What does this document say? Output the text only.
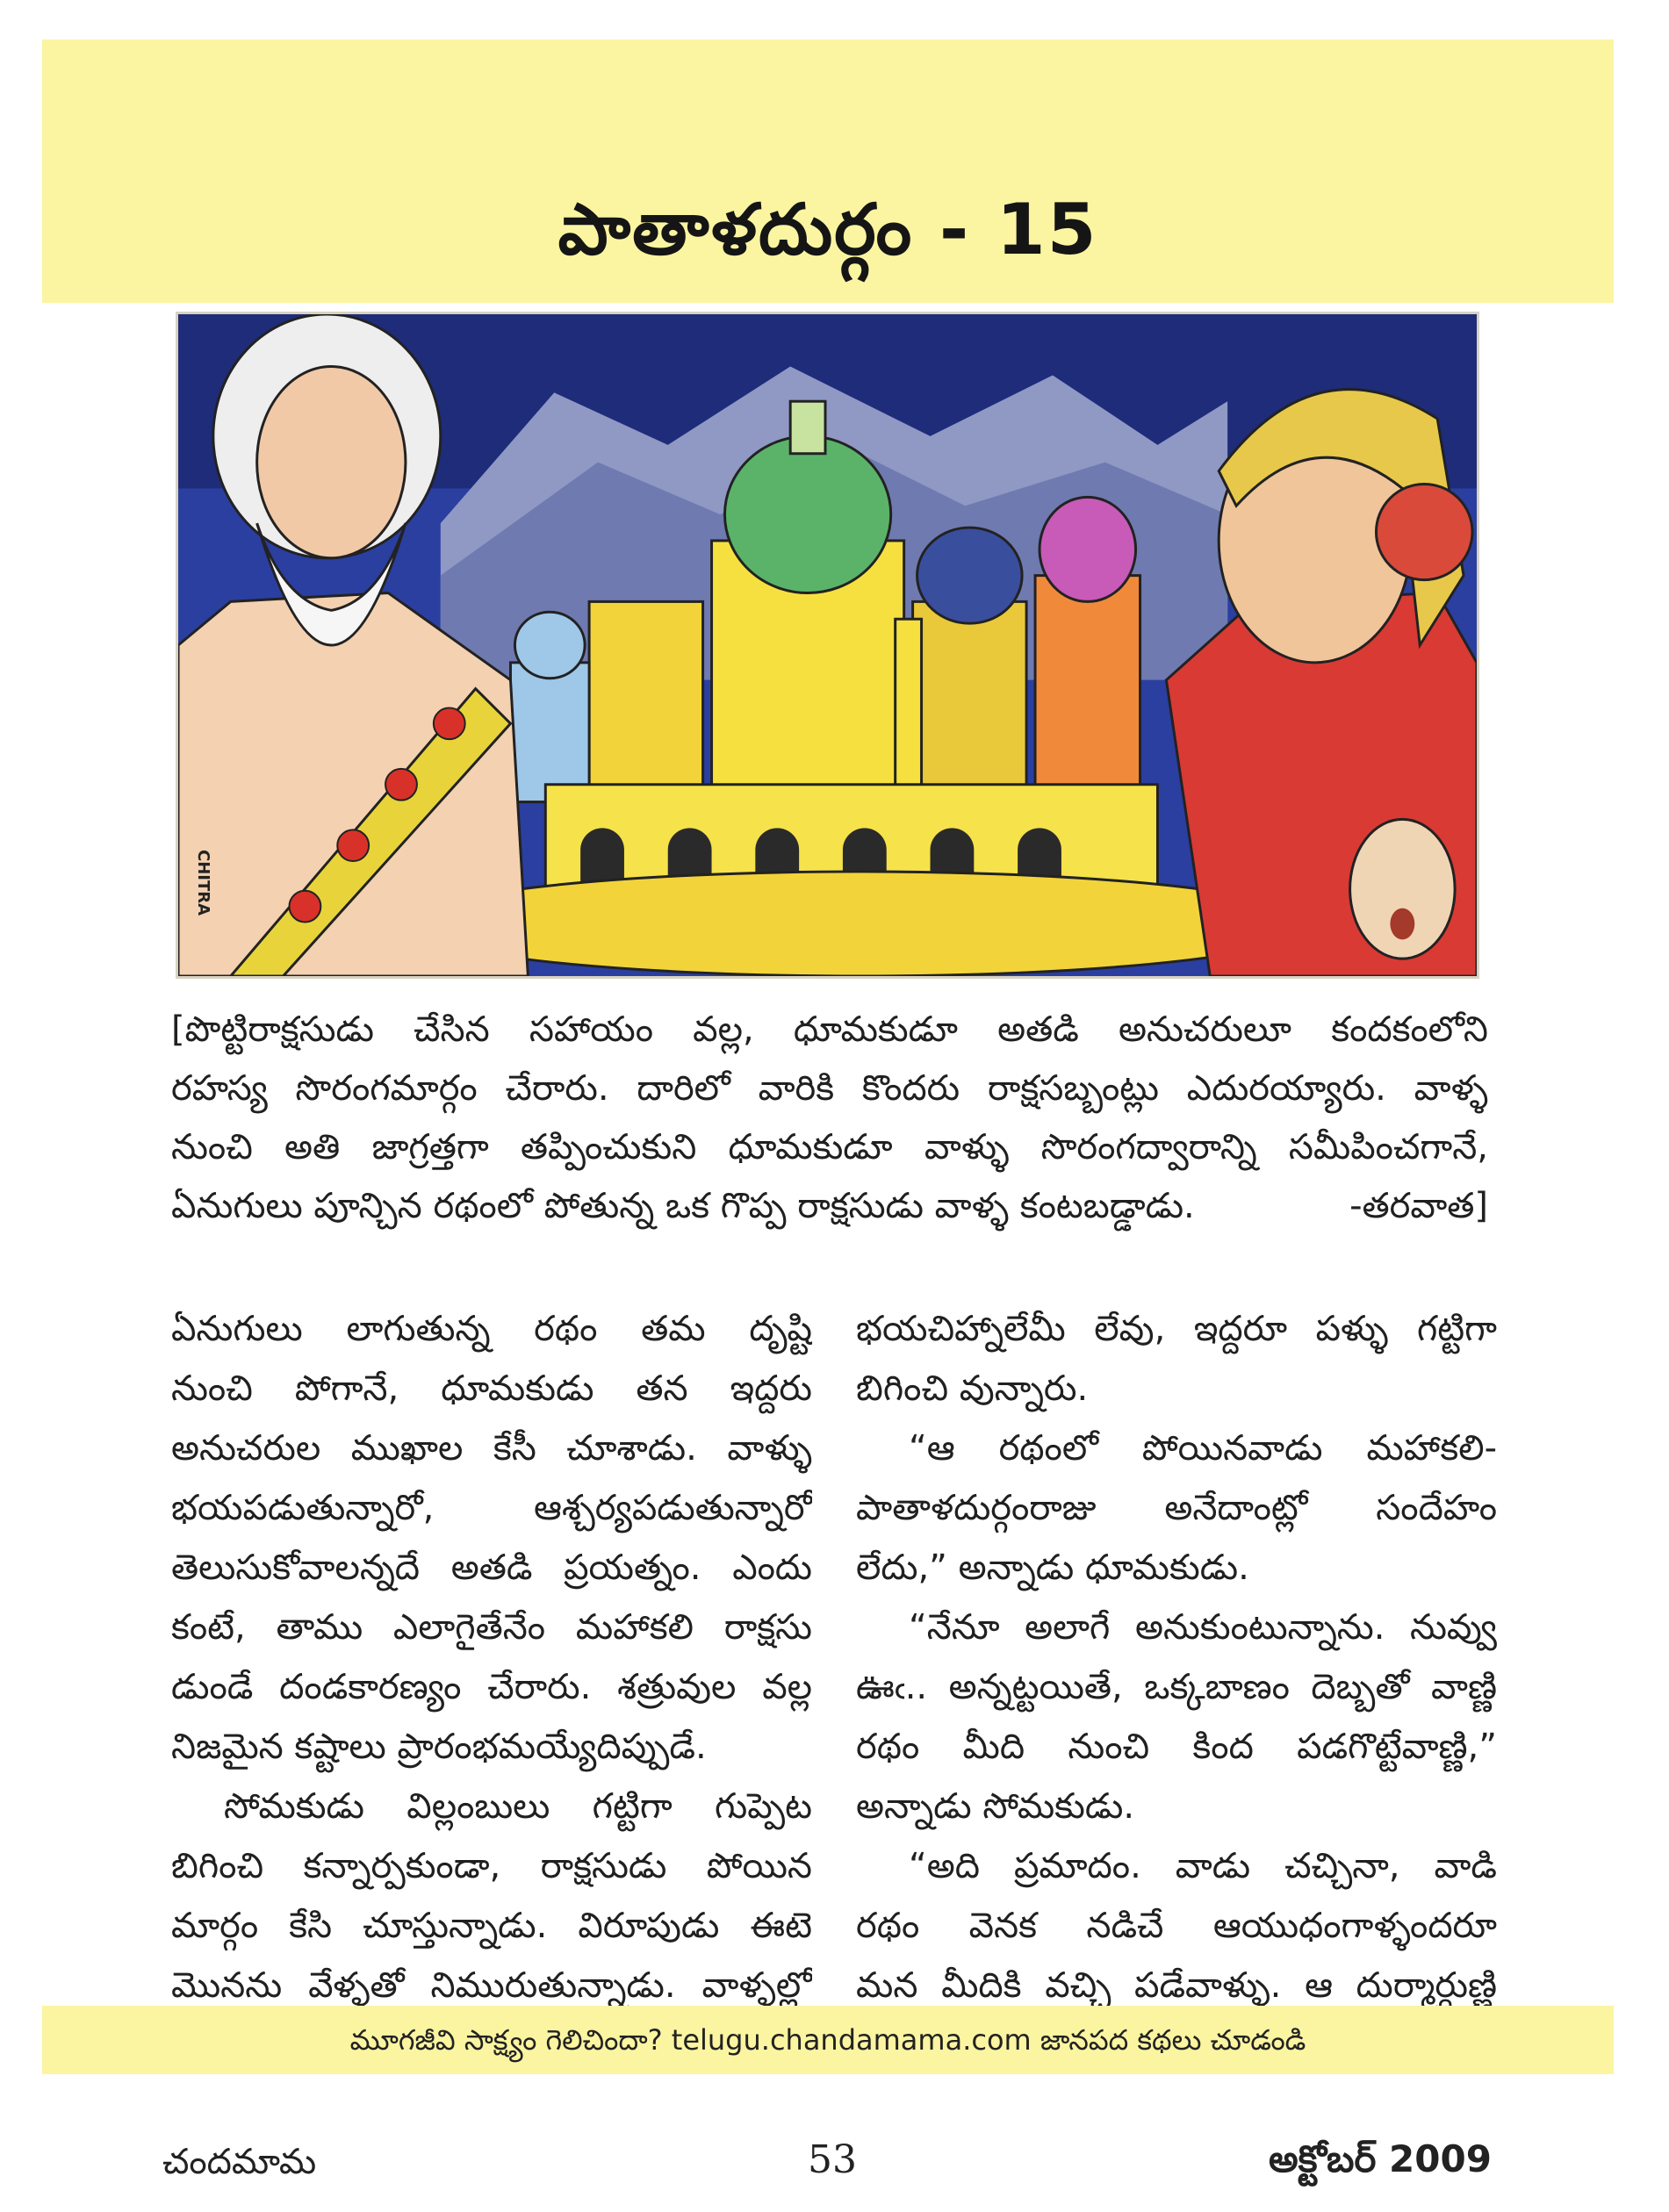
పాతాళదుర్గం - 15
CHITRA

[పొట్టిరాక్షసుడు చేసిన సహాయం వల్ల, ధూమకుడూ అతడి అనుచరులూ కందకంలోని

రహస్య సొరంగమార్గం చేరారు. దారిలో వారికి కొందరు రాక్షసబ్బంట్లు ఎదురయ్యారు. వాళ్ళ

నుంచి అతి జాగ్రత్తగా తప్పించుకుని ధూమకుడూ వాళ్ళు సొరంగద్వారాన్ని సమీపించగానే,

ఏనుగులు పూన్చిన రథంలో పోతున్న ఒక గొప్ప రాక్షసుడు వాళ్ళ కంటబడ్డాడు.	-తరవాత]

ఏనుగులు లాగుతున్న రథం తమ దృష్టి

నుంచి పోగానే, ధూమకుడు తన ఇద్దరు

అనుచరుల ముఖాల కేసీ చూశాడు. వాళ్ళు

భయపడుతున్నారో, ఆశ్చర్యపడుతున్నారో

తెలుసుకోవాలన్నదే అతడి ప్రయత్నం. ఎందు

కంటే, తాము ఎలాగైతేనేం మహాకలి రాక్షసు

డుండే దండకారణ్యం చేరారు. శత్రువుల వల్ల

నిజమైన కష్టాలు ప్రారంభమయ్యేదిప్పుడే.

సోమకుడు విల్లంబులు గట్టిగా గుప్పెట

బిగించి కన్నార్పకుండా, రాక్షసుడు పోయిన

మార్గం కేసి చూస్తున్నాడు. విరూపుడు ఈటె

మొనను వేళ్ళతో నిమురుతున్నాడు. వాళ్ళల్లో

భయచిహ్నాలేమీ లేవు, ఇద్దరూ పళ్ళు గట్టిగా

బిగించి వున్నారు.

“ఆ రథంలో పోయినవాడు మహాకలి-

పాతాళదుర్గంరాజు అనేదాంట్లో సందేహం

లేదు,” అన్నాడు ధూమకుడు.

“నేనూ అలాగే అనుకుంటున్నాను. నువ్వు

ఊఁ.. అన్నట్టయితే, ఒక్కబాణం దెబ్బతో వాణ్ణి

రథం మీది నుంచి కింద పడగొట్టేవాణ్ణి,”

అన్నాడు సోమకుడు.

“అది ప్రమాదం. వాడు చచ్చినా, వాడి

రథం వెనక నడిచే ఆయుధంగాళ్ళందరూ

మన మీదికి వచ్చి పడేవాళ్ళు. ఆ దుర్మార్గుణ్ణి

మూగజీవి సాక్ష్యం గెలిచిందా? telugu.chandamama.com జానపద కథలు చూడండి
చందమామ	53	అక్టోబర్ 2009
